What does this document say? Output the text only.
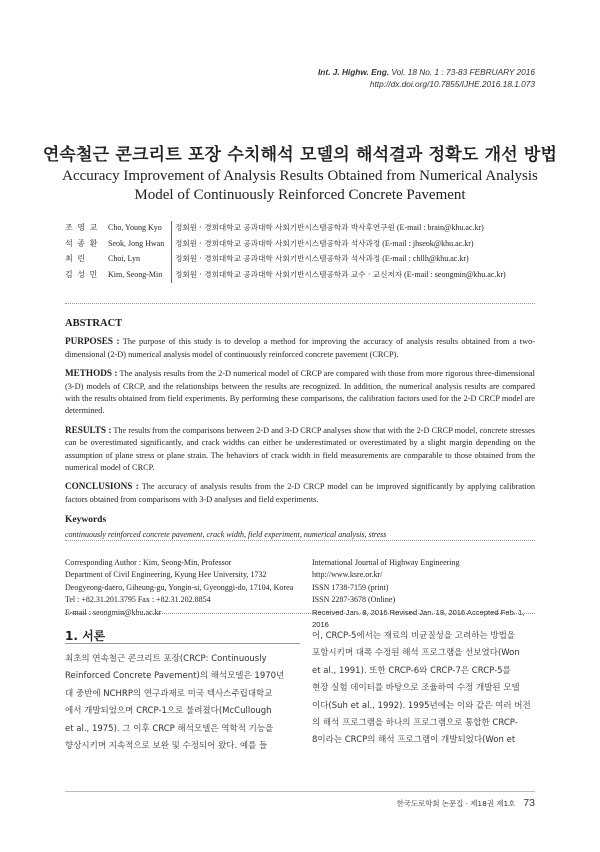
Int. J. Highw. Eng. Vol. 18 No. 1 : 73-83 FEBRUARY 2016
http://dx.doi.org/10.7855/IJHE.2016.18.1.073
연속철근 콘크리트 포장 수치해석 모델의 해석결과 정확도 개선 방법
Accuracy Improvement of Analysis Results Obtained from Numerical Analysis Model of Continuously Reinforced Concrete Pavement
조 영 교	Cho, Young Kyo	정회원 · 경희대학교 공과대학 사회기반시스템공학과 박사후연구원 (E-mail : brain@khu.ac.kr)
석 종 환	Seok, Jong Hwan 정회원 · 경희대학교 공과대학 사회기반시스템공학과 석사과정 (E-mail : jhseok@khu.ac.kr)
최 린	Choi, Lyn	정회원 · 경희대학교 공과대학 사회기반시스템공학과 석사과정 (E-mail : chllh@khu.ac.kr)
김 성 민	Kim, Seong-Min	정회원 · 경희대학교 공과대학 사회기반시스템공학과 교수 · 교신저자 (E-mail : seongmin@khu.ac.kr)
ABSTRACT

PURPOSES : The purpose of this study is to develop a method for improving the accuracy of analysis results obtained from a two-dimensional (2-D) numerical analysis model of continuously reinforced concrete pavement (CRCP).

METHODS : The analysis results from the 2-D numerical model of CRCP are compared with those from more rigorous three-dimensional (3-D) models of CRCP, and the relationships between the results are recognized. In addition, the numerical analysis results are compared with the results obtained from field experiments. By performing these comparisons, the calibration factors used for the 2-D CRCP model are determined.

RESULTS : The results from the comparisons between 2-D and 3-D CRCP analyses show that with the 2-D CRCP model, concrete stresses can be overestimated significantly, and crack widths can either be underestimated or overestimated by a slight margin depending on the assumption of plane stress or plane strain. The behaviors of crack width in field measurements are comparable to those obtained from the numerical model of CRCP.

CONCLUSIONS : The accuracy of analysis results from the 2-D CRCP model can be improved significantly by applying calibration factors obtained from comparisons with 3-D analyses and field experiments.

Keywords
continuously reinforced concrete pavement, crack width, field experiment, numerical analysis, stress
Corresponding Author : Kim, Seong-Min, Professor
Department of Civil Engineering, Kyung Hee University, 1732
Deogyeong-daero, Giheung-gu, Yongin-si, Gyeonggi-do, 17104, Korea
Tel : +82.31.201.3795 Fax : +82.31.202.8854
E-mail : seongmin@khu.ac.kr
International Journal of Highway Engineering
http://www.ksre.or.kr/
ISSN 1738-7159 (print)
ISSN 2287-3678 (Online)
Received Jan. 8, 2016 Revised Jan. 18, 2016 Accepted Feb. 1, 2016
1. 서론
최초의 연속철근 콘크리트 포장(CRCP: Continuously
Reinforced Concrete Pavement)의 해석모델은 1970년
대 중반에 NCHRP의 연구과제로 미국 텍사스주립대학교
에서 개발되었으며 CRCP-1으로 불려졌다(McCullough
et al., 1975). 그 이후 CRCP 해석모델은 역학적 기능을
향상시키며 지속적으로 보완 및 수정되어 왔다. 예를 들
어, CRCP-5에서는 재료의 비균질성을 고려하는 방법을
포함시키며 대폭 수정된 해석 프로그램을 선보였다(Won
et al., 1991). 또한 CRCP-6와 CRCP-7은 CRCP-5를
현장 실험 데이터를 바탕으로 조율하여 수정 개발된 모델
이다(Suh et al., 1992). 1995년에는 이와 같은 여러 버전
의 해석 프로그램을 하나의 프로그램으로 통합한 CRCP-
8이라는 CRCP의 해석 프로그램이 개발되었다(Won et
한국도로학회 논문집 · 제18권 제1호 73
